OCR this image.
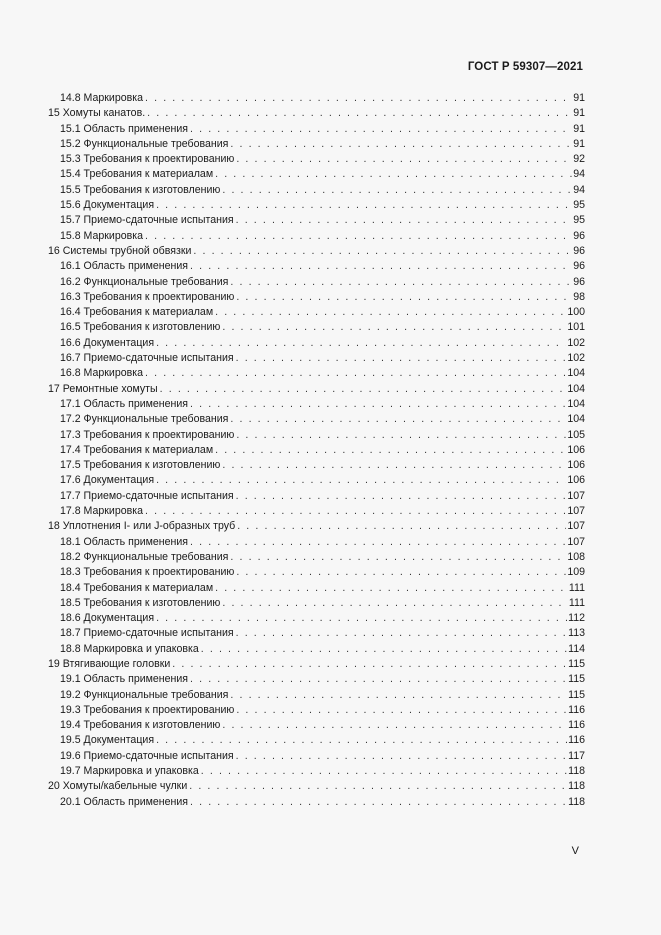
ГОСТ Р 59307—2021
14.8 Маркировка . . .	91
15 Хомуты канатов. . . .	91
15.1 Область применения . . .	91
15.2 Функциональные требования . . .	91
15.3 Требования к проектированию . . .	92
15.4 Требования к материалам . . .	94
15.5 Требования к изготовлению . . .	94
15.6 Документация . . .	95
15.7 Приемо-сдаточные испытания . . .	95
15.8 Маркировка . . .	96
16 Системы трубной обвязки . . .	96
16.1 Область применения . . .	96
16.2 Функциональные требования . . .	96
16.3 Требования к проектированию . . .	98
16.4 Требования к материалам . . .	100
16.5 Требования к изготовлению . . .	101
16.6 Документация . . .	102
16.7 Приемо-сдаточные испытания . . .	102
16.8 Маркировка . . .	104
17 Ремонтные хомуты . . .	104
17.1 Область применения . . .	104
17.2 Функциональные требования . . .	104
17.3 Требования к проектированию . . .	105
17.4 Требования к материалам . . .	106
17.5 Требования к изготовлению . . .	106
17.6 Документация . . .	106
17.7 Приемо-сдаточные испытания . . .	107
17.8 Маркировка . . .	107
18 Уплотнения I- или J-образных труб . . .	107
18.1 Область применения . . .	107
18.2 Функциональные требования . . .	108
18.3 Требования к проектированию . . .	109
18.4 Требования к материалам . . .	111
18.5 Требования к изготовлению . . .	111
18.6 Документация . . .	112
18.7 Приемо-сдаточные испытания . . .	113
18.8 Маркировка и упаковка . . .	114
19 Втягивающие головки . . .	115
19.1 Область применения . . .	115
19.2 Функциональные требования . . .	115
19.3 Требования к проектированию . . .	116
19.4 Требования к изготовлению . . .	116
19.5 Документация . . .	116
19.6 Приемо-сдаточные испытания . . .	117
19.7 Маркировка и упаковка . . .	118
20 Хомуты/кабельные чулки . . .	118
20.1 Область применения . . .	118
V
